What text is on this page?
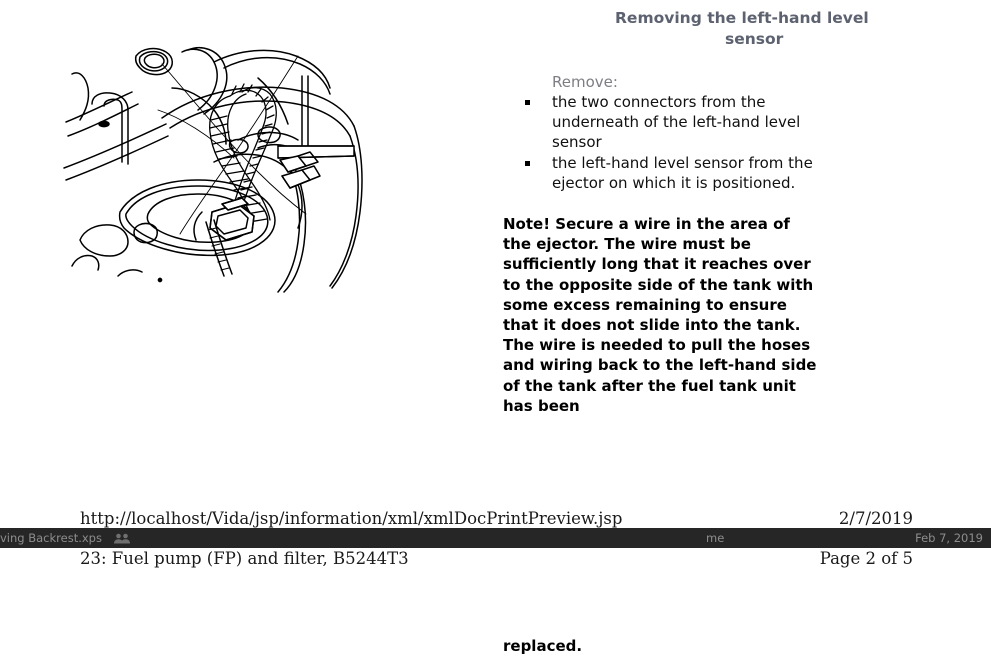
Removing the left-hand level sensor

Remove:

the two connectors from the underneath of the left-hand level sensor
the left-hand level sensor from the ejector on which it is positioned.

Note! Secure a wire in the area of the ejector. The wire must be sufficiently long that it reaches over to the opposite side of the tank with some excess remaining to ensure that it does not slide into the tank. The wire is needed to pull the hoses and wiring back to the left-hand side of the tank after the fuel tank unit has been

http://localhost/Vida/jsp/information/xml/xmlDocPrintPreview.jsp	2/7/2019
23: Fuel pump (FP) and filter, B5244T3	Page 2 of 5
replaced.
ving Backrest.xps	me	Feb 7, 2019
